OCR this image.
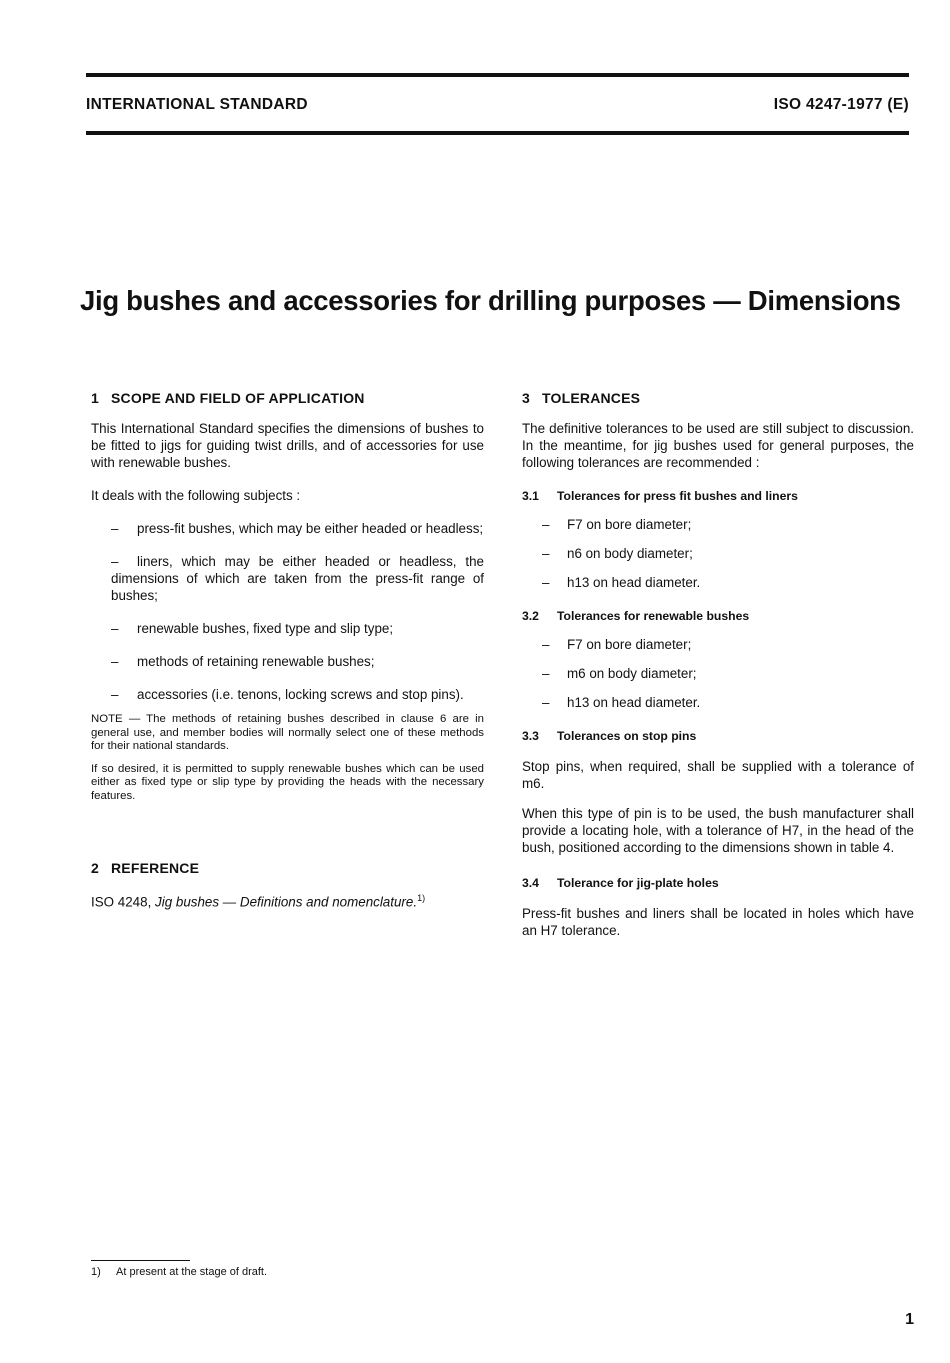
INTERNATIONAL STANDARD	ISO 4247-1977 (E)
Jig bushes and accessories for drilling purposes — Dimensions
1 SCOPE AND FIELD OF APPLICATION

This International Standard specifies the dimensions of bushes to be fitted to jigs for guiding twist drills, and of accessories for use with renewable bushes.

It deals with the following subjects :

– press-fit bushes, which may be either headed or headless;

– liners, which may be either headed or headless, the dimensions of which are taken from the press-fit range of bushes;

– renewable bushes, fixed type and slip type;

– methods of retaining renewable bushes;

– accessories (i.e. tenons, locking screws and stop pins).

NOTE — The methods of retaining bushes described in clause 6 are in general use, and member bodies will normally select one of these methods for their national standards.

If so desired, it is permitted to supply renewable bushes which can be used either as fixed type or slip type by providing the heads with the necessary features.

2 REFERENCE

ISO 4248, Jig bushes — Definitions and nomenclature.$^{1)}$

3 TOLERANCES

The definitive tolerances to be used are still subject to discussion. In the meantime, for jig bushes used for general purposes, the following tolerances are recommended :

3.1 Tolerances for press fit bushes and liners

– F7 on bore diameter;

– n6 on body diameter;

– h13 on head diameter.

3.2 Tolerances for renewable bushes

– F7 on bore diameter;

– m6 on body diameter;

– h13 on head diameter.

3.3 Tolerances on stop pins

Stop pins, when required, shall be supplied with a tolerance of m6.

When this type of pin is to be used, the bush manufacturer shall provide a locating hole, with a tolerance of H7, in the head of the bush, positioned according to the dimensions shown in table 4.

3.4 Tolerance for jig-plate holes

Press-fit bushes and liners shall be located in holes which have an H7 tolerance.

1) At present at the stage of draft.
1
